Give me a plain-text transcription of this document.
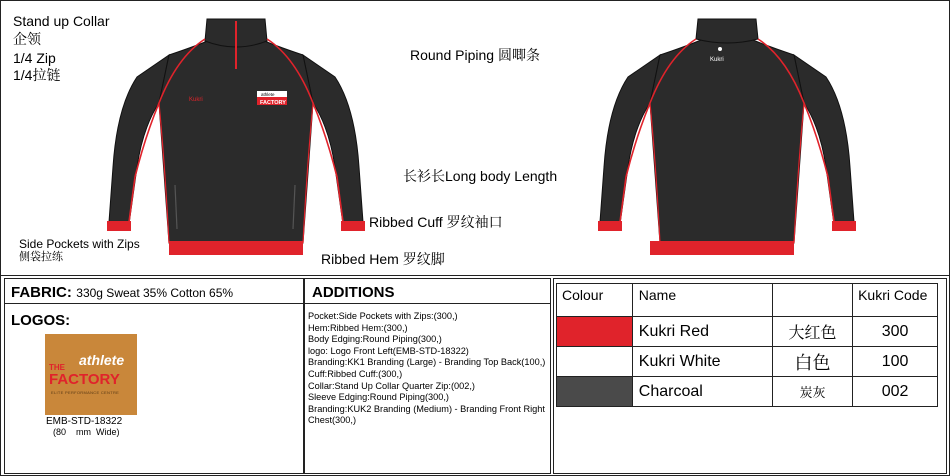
Stand up Collar
企领
1/4 Zip
1/4拉链
Round Piping 圆唧条
长衫长Long body Length
Ribbed Cuff 罗纹袖口
Ribbed Hem 罗纹脚
Side Pockets with Zips
侧袋拉练
Kukri
athlete
FACTORY
Kukri
FABRIC: 330g Sweat 35% Cotton 65%
LOGOS:
athlete
THE
FACTORY
ELITE PERFORMANCE CENTRE
EMB-STD-18322
(80    mm  Wide)
ADDITIONS
Pocket:Side Pockets with Zips:(300,)
Hem:Ribbed Hem:(300,)
Body Edging:Round Piping(300,)
logo: Logo Front Left(EMB-STD-18322)
Branding:KK1 Branding (Large) - Branding Top Back(100,)
Cuff:Ribbed Cuff:(300,)
Collar:Stand Up Collar Quarter Zip:(002,)
Sleeve Edging:Round Piping(300,)
Branding:KUK2 Branding (Medium) - Branding Front Right Chest(300,)
Colour	Name		Kukri Code
	Kukri Red	大红色	300
	Kukri White	白色	100
	Charcoal	炭灰	002
